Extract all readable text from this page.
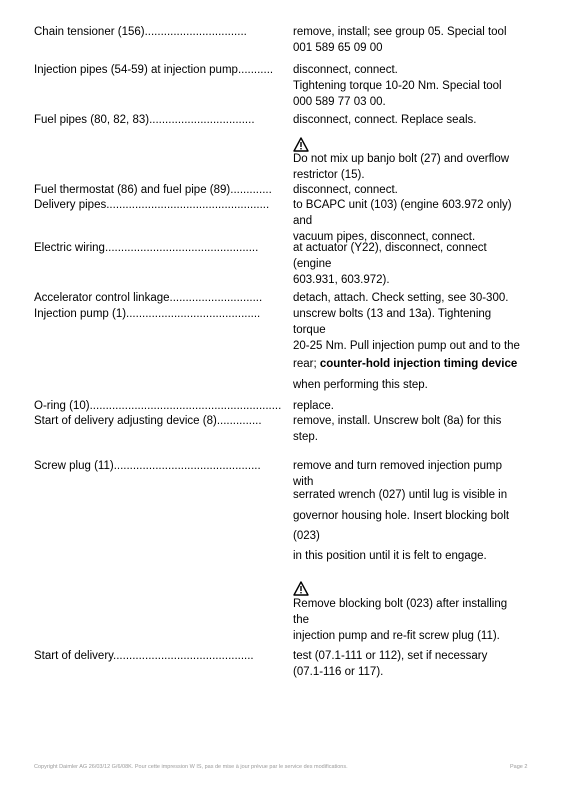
Chain tensioner (156)................................	remove, install; see group 05. Special tool
001 589 65 09 00
Injection pipes (54-59) at injection pump...........	disconnect, connect.
Tightening torque 10-20 Nm. Special tool
000 589 77 03 00.
Fuel pipes (80, 82, 83).................................	disconnect, connect. Replace seals.
Do not mix up banjo bolt (27) and overflow
restrictor (15).
Fuel thermostat (86) and fuel pipe (89).............	disconnect, connect.
Delivery pipes...................................................	to BCAPC unit (103) (engine 603.972 only)
and
vacuum pipes, disconnect, connect.
Electric wiring................................................	at actuator (Y22), disconnect, connect
(engine
603.931, 603.972).
Accelerator control linkage.............................	detach, attach. Check setting, see 30-300.
Injection pump (1)..........................................	unscrew bolts (13 and 13a). Tightening
torque
20-25 Nm. Pull injection pump out and to the
rear; counter-hold injection timing device
when performing this step.
O-ring (10)............................................................	replace.
Start of delivery adjusting device (8)..............	remove, install. Unscrew bolt (8a) for this
step.
Screw plug (11)..............................................	remove and turn removed injection pump
with
serrated wrench (027) until lug is visible in
governor housing hole. Insert blocking bolt
(023)
in this position until it is felt to engage.
Remove blocking bolt (023) after installing
the
injection pump and re-fit screw plug (11).
Start of delivery............................................	test (07.1-111 or 112), set if necessary
(07.1-116 or 117).
Copyright Daimler AG 26/03/12 G/6/08K. Pour cette impression W IS, pas de mise à jour prévue par le service des modifications.	Page 2
